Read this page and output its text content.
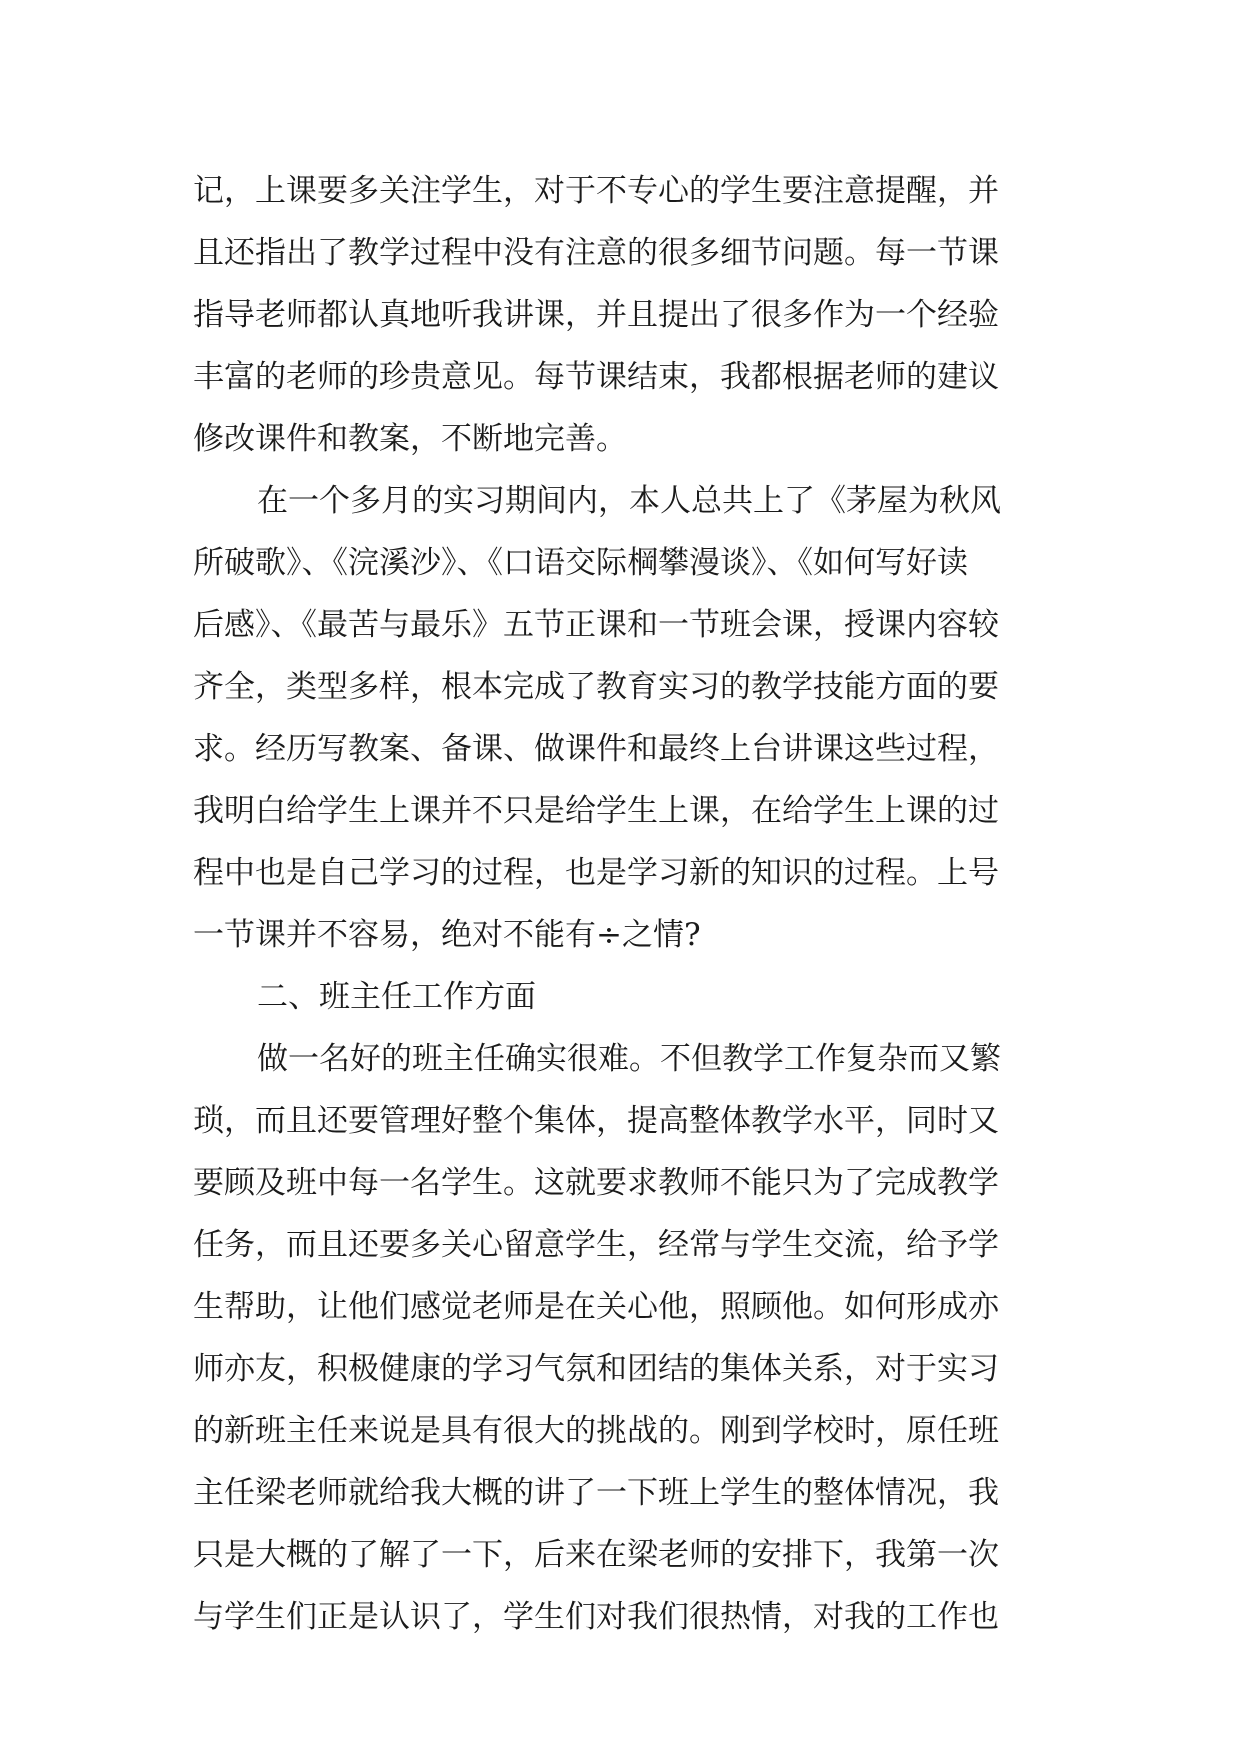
记，上课要多关注学生，对于不专心的学生要注意提醒，并
且还指出了教学过程中没有注意的很多细节问题。每一节课
指导老师都认真地听我讲课，并且提出了很多作为一个经验
丰富的老师的珍贵意见。每节课结束，我都根据老师的建议
修改课件和教案，不断地完善。
在一个多月的实习期间内，本人总共上了《茅屋为秋风
所破歌》、《浣溪沙》、《口语交际棡攀漫谈》、《如何写好读
后感》、《最苦与最乐》五节正课和一节班会课，授课内容较
齐全，类型多样，根本完成了教育实习的教学技能方面的要
求。经历写教案、备课、做课件和最终上台讲课这些过程，
我明白给学生上课并不只是给学生上课，在给学生上课的过
程中也是自己学习的过程，也是学习新的知识的过程。上号
一节课并不容易，绝对不能有÷之情?
二、班主任工作方面
做一名好的班主任确实很难。不但教学工作复杂而又繁
琐，而且还要管理好整个集体，提高整体教学水平，同时又
要顾及班中每一名学生。这就要求教师不能只为了完成教学
任务，而且还要多关心留意学生，经常与学生交流，给予学
生帮助，让他们感觉老师是在关心他，照顾他。如何形成亦
师亦友，积极健康的学习气氛和团结的集体关系，对于实习
的新班主任来说是具有很大的挑战的。刚到学校时，原任班
主任梁老师就给我大概的讲了一下班上学生的整体情况，我
只是大概的了解了一下，后来在梁老师的安排下，我第一次
与学生们正是认识了，学生们对我们很热情，对我的工作也
